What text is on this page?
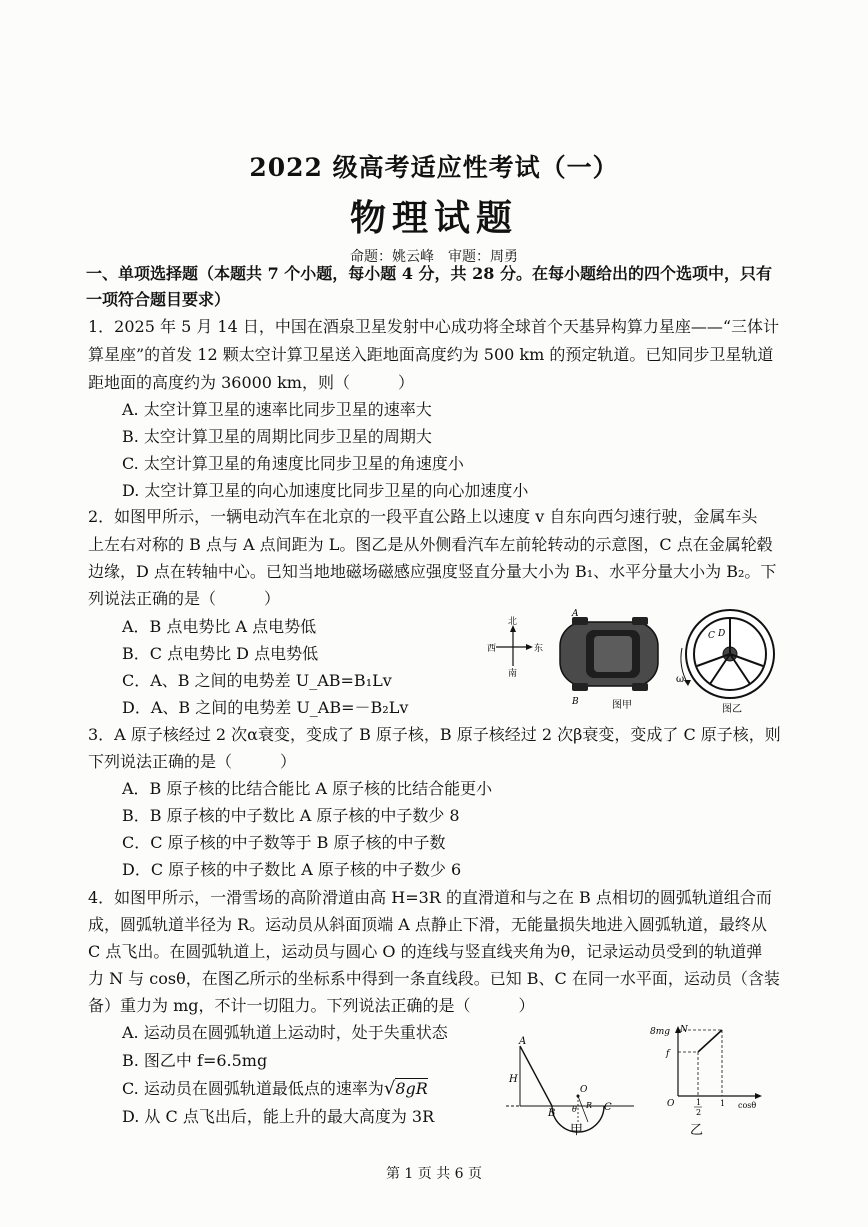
2022 级高考适应性考试（一）
物理试题
命题：姚云峰　审题：周勇
一、单项选择题（本题共 7 个小题，每小题 4 分，共 28 分。在每小题给出的四个选项中，只有
一项符合题目要求）
1．2025 年 5 月 14 日，中国在酒泉卫星发射中心成功将全球首个天基异构算力星座——“三体计
算星座”的首发 12 颗太空计算卫星送入距地面高度约为 500 km 的预定轨道。已知同步卫星轨道
距地面的高度约为 36000 km，则（　　　）
A. 太空计算卫星的速率比同步卫星的速率大
B. 太空计算卫星的周期比同步卫星的周期大
C. 太空计算卫星的角速度比同步卫星的角速度小
D. 太空计算卫星的向心加速度比同步卫星的向心加速度小
2．如图甲所示，一辆电动汽车在北京的一段平直公路上以速度 v 自东向西匀速行驶，金属车头
上左右对称的 B 点与 A 点间距为 L。图乙是从外侧看汽车左前轮转动的示意图，C 点在金属轮毂
边缘，D 点在转轴中心。已知当地地磁场磁感应强度竖直分量大小为 B₁、水平分量大小为 B₂。下
列说法正确的是（　　　）
A．B 点电势比 A 点电势低
B．C 点电势比 D 点电势低
C．A、B 之间的电势差 U_AB=B₁Lv
D．A、B 之间的电势差 U_AB=－B₂Lv
北
南
西	东
A
B	图甲
C D
ω
图乙
3．A 原子核经过 2 次α衰变，变成了 B 原子核，B 原子核经过 2 次β衰变，变成了 C 原子核，则
下列说法正确的是（　　　）
A．B 原子核的比结合能比 A 原子核的比结合能更小
B．B 原子核的中子数比 A 原子核的中子数少 8
C．C 原子核的中子数等于 B 原子核的中子数
D．C 原子核的中子数比 A 原子核的中子数少 6
4．如图甲所示，一滑雪场的高阶滑道由高 H=3R 的直滑道和与之在 B 点相切的圆弧轨道组合而
成，圆弧轨道半径为 R。运动员从斜面顶端 A 点静止下滑，无能量损失地进入圆弧轨道，最终从
C 点飞出。在圆弧轨道上，运动员与圆心 O 的连线与竖直线夹角为θ，记录运动员受到的轨道弹
力 N 与 cosθ，在图乙所示的坐标系中得到一条直线段。已知 B、C 在同一水平面，运动员（含装
备）重力为 mg，不计一切阻力。下列说法正确的是（　　　）
A. 运动员在圆弧轨道上运动时，处于失重状态
B. 图乙中 f=6.5mg
C. 运动员在圆弧轨道最低点的速率为√8gR
D. 从 C 点飞出后，能上升的最大高度为 3R
A
H
B
C
O
θ R
甲
8mg N
f
O	1
2
1 cosθ
乙
第 1 页 共 6 页
